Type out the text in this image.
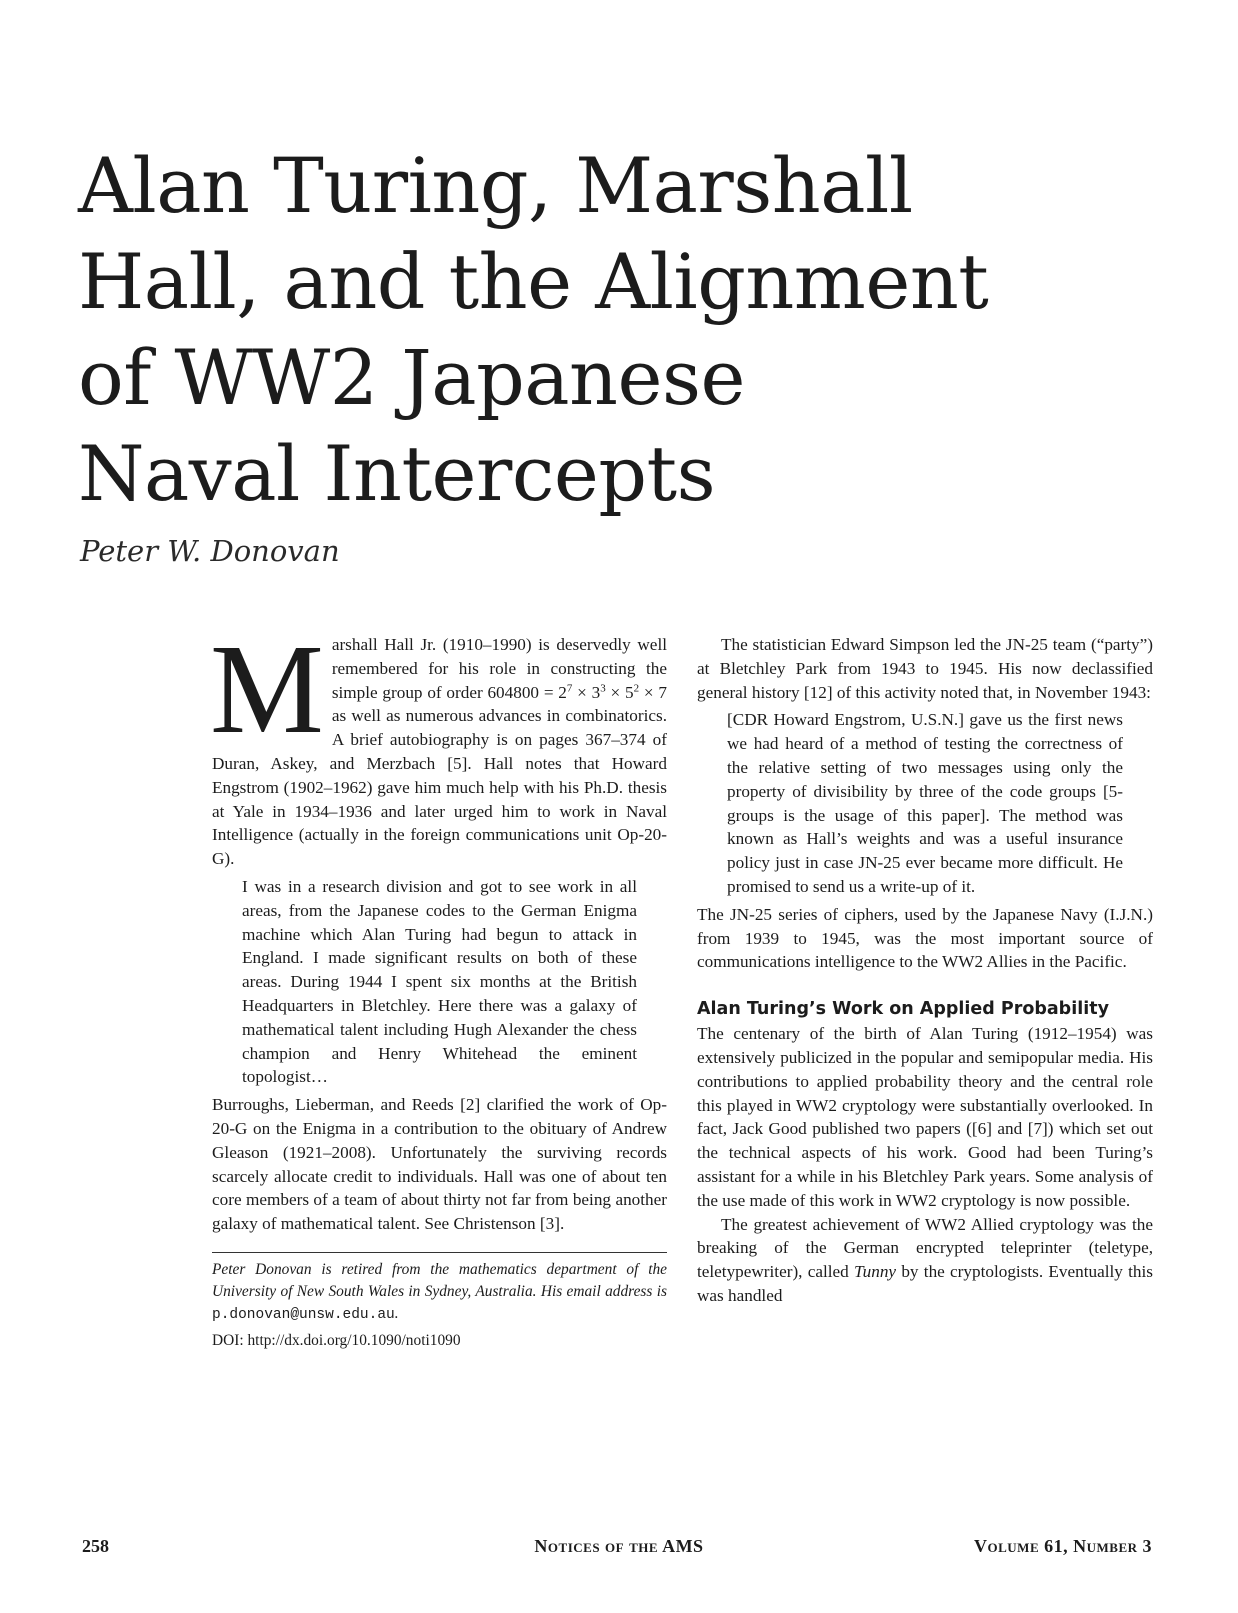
Alan Turing, Marshall
Hall, and the Alignment
of WW2 Japanese
Naval Intercepts
Peter W. Donovan

Marshall Hall Jr. (1910–1990) is deservedly well remembered for his role in constructing the simple group of order $604800 = 2^7 \times 3^3 \times 5^2 \times 7$ as well as numerous advances in combinatorics. A brief autobiography is on pages 367–374 of Duran, Askey, and Merzbach [5]. Hall notes that Howard Engstrom (1902–1962) gave him much help with his Ph.D. thesis at Yale in 1934–1936 and later urged him to work in Naval Intelligence (actually in the foreign communications unit Op-20-G).

I was in a research division and got to see work in all areas, from the Japanese codes to the German Enigma machine which Alan Turing had begun to attack in England. I made significant results on both of these areas. During 1944 I spent six months at the British Headquarters in Bletchley. Here there was a galaxy of mathematical talent including Hugh Alexander the chess champion and Henry Whitehead the eminent topologist…

Burroughs, Lieberman, and Reeds [2] clarified the work of Op-20-G on the Enigma in a contribution to the obituary of Andrew Gleason (1921–2008). Unfortunately the surviving records scarcely allocate credit to individuals. Hall was one of about ten core members of a team of about thirty not far from being another galaxy of mathematical talent. See Christenson [3].

Peter Donovan is retired from the mathematics department of the University of New South Wales in Sydney, Australia. His email address is p.donovan@unsw.edu.au.

DOI: http://dx.doi.org/10.1090/noti1090

The statistician Edward Simpson led the JN-25 team (“party”) at Bletchley Park from 1943 to 1945. His now declassified general history [12] of this activity noted that, in November 1943:

[CDR Howard Engstrom, U.S.N.] gave us the first news we had heard of a method of testing the correctness of the relative setting of two messages using only the property of divisibility by three of the code groups [5-groups is the usage of this paper]. The method was known as Hall’s weights and was a useful insurance policy just in case JN-25 ever became more difficult. He promised to send us a write-up of it.

The JN-25 series of ciphers, used by the Japanese Navy (I.J.N.) from 1939 to 1945, was the most important source of communications intelligence to the WW2 Allies in the Pacific.

Alan Turing’s Work on Applied Probability

The centenary of the birth of Alan Turing (1912–1954) was extensively publicized in the popular and semipopular media. His contributions to applied probability theory and the central role this played in WW2 cryptology were substantially overlooked. In fact, Jack Good published two papers ([6] and [7]) which set out the technical aspects of his work. Good had been Turing’s assistant for a while in his Bletchley Park years. Some analysis of the use made of this work in WW2 cryptology is now possible.

The greatest achievement of WW2 Allied cryptology was the breaking of the German encrypted teleprinter (teletype, teletypewriter), called Tunny by the cryptologists. Eventually this was handled

258	Notices of the AMS	Volume 61, Number 3
